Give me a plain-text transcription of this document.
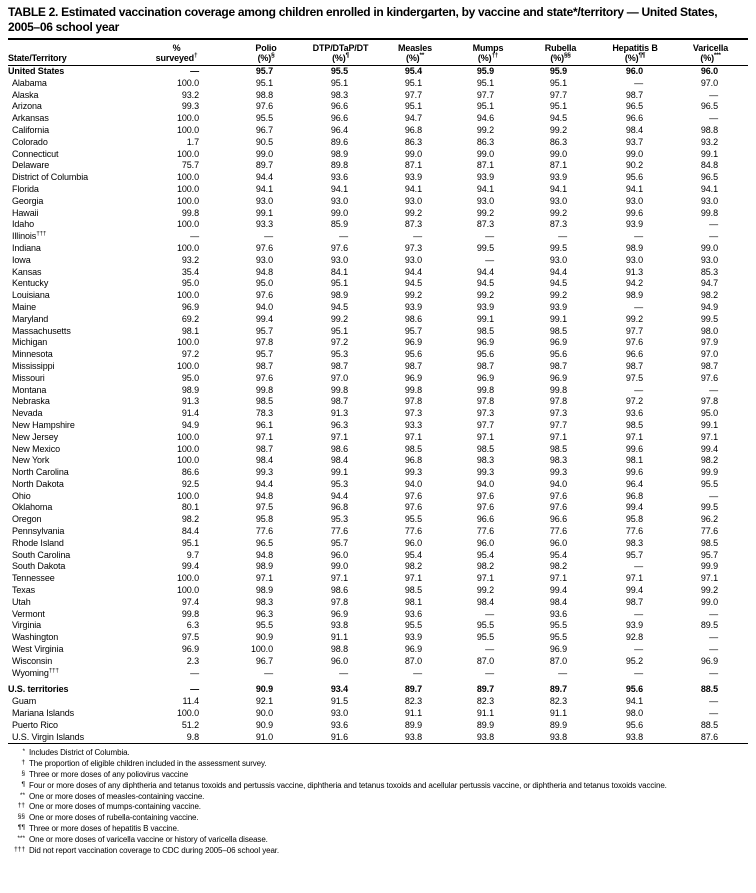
TABLE 2. Estimated vaccination coverage among children enrolled in kindergarten, by vaccine and state*/territory — United States, 2005–06 school year
State/Territory

%
surveyed†

Polio
(%)§

DTP/DTaP/DT
(%)¶

Measles
(%)**

Mumps
(%)††

Rubella
(%)§§

Hepatitis B
(%)¶¶

Varicella
(%)***

United States	—	95.7	95.5	95.4	95.9	95.9	96.0	96.0
Alabama	100.0	95.1	95.1	95.1	95.1	95.1	—	97.0
Alaska	93.2	98.8	98.3	97.7	97.7	97.7	98.7	—
Arizona	99.3	97.6	96.6	95.1	95.1	95.1	96.5	96.5
Arkansas	100.0	95.5	96.6	94.7	94.6	94.5	96.6	—
California	100.0	96.7	96.4	96.8	99.2	99.2	98.4	98.8
Colorado	1.7	90.5	89.6	86.3	86.3	86.3	93.7	93.2
Connecticut	100.0	99.0	98.9	99.0	99.0	99.0	99.0	99.1
Delaware	75.7	89.7	89.8	87.1	87.1	87.1	90.2	84.8
District of Columbia	100.0	94.4	93.6	93.9	93.9	93.9	95.6	96.5
Florida	100.0	94.1	94.1	94.1	94.1	94.1	94.1	94.1
Georgia	100.0	93.0	93.0	93.0	93.0	93.0	93.0	93.0
Hawaii	99.8	99.1	99.0	99.2	99.2	99.2	99.6	99.8
Idaho	100.0	93.3	85.9	87.3	87.3	87.3	93.9	—
Illinois†††	—	—	—	—	—	—	—	—
Indiana	100.0	97.6	97.6	97.3	99.5	99.5	98.9	99.0
Iowa	93.2	93.0	93.0	93.0	—	93.0	93.0	93.0
Kansas	35.4	94.8	84.1	94.4	94.4	94.4	91.3	85.3
Kentucky	95.0	95.0	95.1	94.5	94.5	94.5	94.2	94.7
Louisiana	100.0	97.6	98.9	99.2	99.2	99.2	98.9	98.2
Maine	96.9	94.0	94.5	93.9	93.9	93.9	—	94.9
Maryland	69.2	99.4	99.2	98.6	99.1	99.1	99.2	99.5
Massachusetts	98.1	95.7	95.1	95.7	98.5	98.5	97.7	98.0
Michigan	100.0	97.8	97.2	96.9	96.9	96.9	97.6	97.9
Minnesota	97.2	95.7	95.3	95.6	95.6	95.6	96.6	97.0
Mississippi	100.0	98.7	98.7	98.7	98.7	98.7	98.7	98.7
Missouri	95.0	97.6	97.0	96.9	96.9	96.9	97.5	97.6
Montana	98.9	99.8	99.8	99.8	99.8	99.8	—	—
Nebraska	91.3	98.5	98.7	97.8	97.8	97.8	97.2	97.8
Nevada	91.4	78.3	91.3	97.3	97.3	97.3	93.6	95.0
New Hampshire	94.9	96.1	96.3	93.3	97.7	97.7	98.5	99.1
New Jersey	100.0	97.1	97.1	97.1	97.1	97.1	97.1	97.1
New Mexico	100.0	98.7	98.6	98.5	98.5	98.5	99.6	99.4
New York	100.0	98.4	98.4	96.8	98.3	98.3	98.1	98.2
North Carolina	86.6	99.3	99.1	99.3	99.3	99.3	99.6	99.9
North Dakota	92.5	94.4	95.3	94.0	94.0	94.0	96.4	95.5
Ohio	100.0	94.8	94.4	97.6	97.6	97.6	96.8	—
Oklahoma	80.1	97.5	96.8	97.6	97.6	97.6	99.4	99.5
Oregon	98.2	95.8	95.3	95.5	96.6	96.6	95.8	96.2
Pennsylvania	84.4	77.6	77.6	77.6	77.6	77.6	77.6	77.6
Rhode Island	95.1	96.5	95.7	96.0	96.0	96.0	98.3	98.5
South Carolina	9.7	94.8	96.0	95.4	95.4	95.4	95.7	95.7
South Dakota	99.4	98.9	99.0	98.2	98.2	98.2	—	99.9
Tennessee	100.0	97.1	97.1	97.1	97.1	97.1	97.1	97.1
Texas	100.0	98.9	98.6	98.5	99.2	99.4	99.4	99.2
Utah	97.4	98.3	97.8	98.1	98.4	98.4	98.7	99.0
Vermont	99.8	96.3	96.9	93.6	—	93.6	—	—
Virginia	6.3	95.5	93.8	95.5	95.5	95.5	93.9	89.5
Washington	97.5	90.9	91.1	93.9	95.5	95.5	92.8	—
West Virginia	96.9	100.0	98.8	96.9	—	96.9	—	—
Wisconsin	2.3	96.7	96.0	87.0	87.0	87.0	95.2	96.9
Wyoming†††	—	—	—	—	—	—	—	—

U.S. territories	—	90.9	93.4	89.7	89.7	89.7	95.6	88.5
Guam	11.4	92.1	91.5	82.3	82.3	82.3	94.1	—
Mariana Islands	100.0	90.0	93.0	91.1	91.1	91.1	98.0	—
Puerto Rico	51.2	90.9	93.6	89.9	89.9	89.9	95.6	88.5
U.S. Virgin Islands	9.8	91.0	91.6	93.8	93.8	93.8	93.8	87.6
* Includes District of Columbia.
† The proportion of eligible children included in the assessment survey.
§ Three or more doses of any poliovirus vaccine
¶ Four or more doses of any diphtheria and tetanus toxoids and pertussis vaccine, diphtheria and tetanus toxoids and acellular pertussis vaccine, or diphtheria and tetanus toxoids vaccine.
** One or more doses of measles-containing vaccine.
†† One or more doses of mumps-containing vaccine.
§§ One or more doses of rubella-containing vaccine.
¶¶ Three or more doses of hepatitis B vaccine.
*** One or more doses of varicella vaccine or history of varicella disease.
††† Did not report vaccination coverage to CDC during 2005–06 school year.
